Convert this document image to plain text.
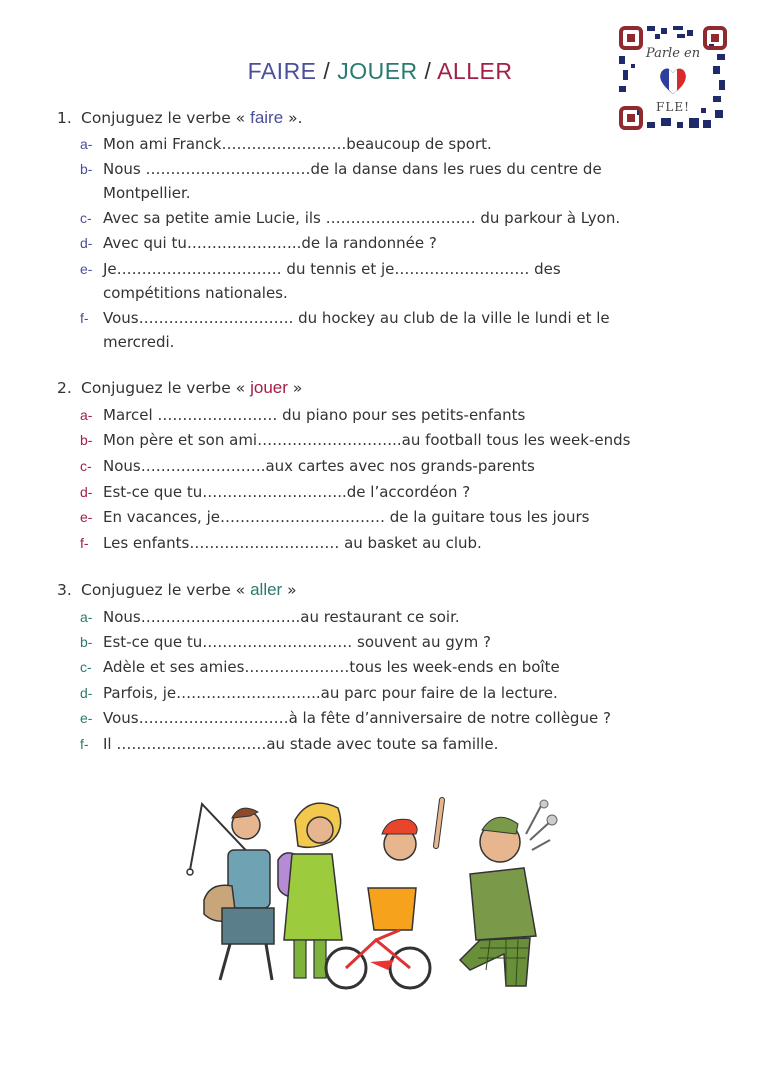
FAIRE / JOUER / ALLER
Parle en
FLE!
1. Conjuguez le verbe « faire ».
a- Mon ami Franck…………………….beaucoup de sport.
b- Nous ……………………………de la danse dans les rues du centre de
Montpellier.
c- Avec sa petite amie Lucie, ils ………………………… du parkour à Lyon.
d- Avec qui tu…………………..de la randonnée ?
e- Je…………………………… du tennis et je……………………… des
compétitions nationales.
f- Vous…………………………. du hockey au club de la ville le lundi et le
mercredi.
2. Conjuguez le verbe « jouer »
a- Marcel …………………… du piano pour ses petits-enfants
b- Mon père et son ami………………………..au football tous les week-ends
c- Nous…………………….aux cartes avec nos grands-parents
d- Est-ce que tu………………………..de l’accordéon ?
e- En vacances, je…………………………… de la guitare tous les jours
f- Les enfants………………………… au basket au club.
3. Conjuguez le verbe « aller »
a- Nous…………………………..au restaurant ce soir.
b- Est-ce que tu………………………… souvent au gym ?
c- Adèle et ses amies…………………tous les week-ends en boîte
d- Parfois, je………………………..au parc pour faire de la lecture.
e- Vous…………………………à la fête d’anniversaire de notre collègue ?
f- Il …………………………au stade avec toute sa famille.
